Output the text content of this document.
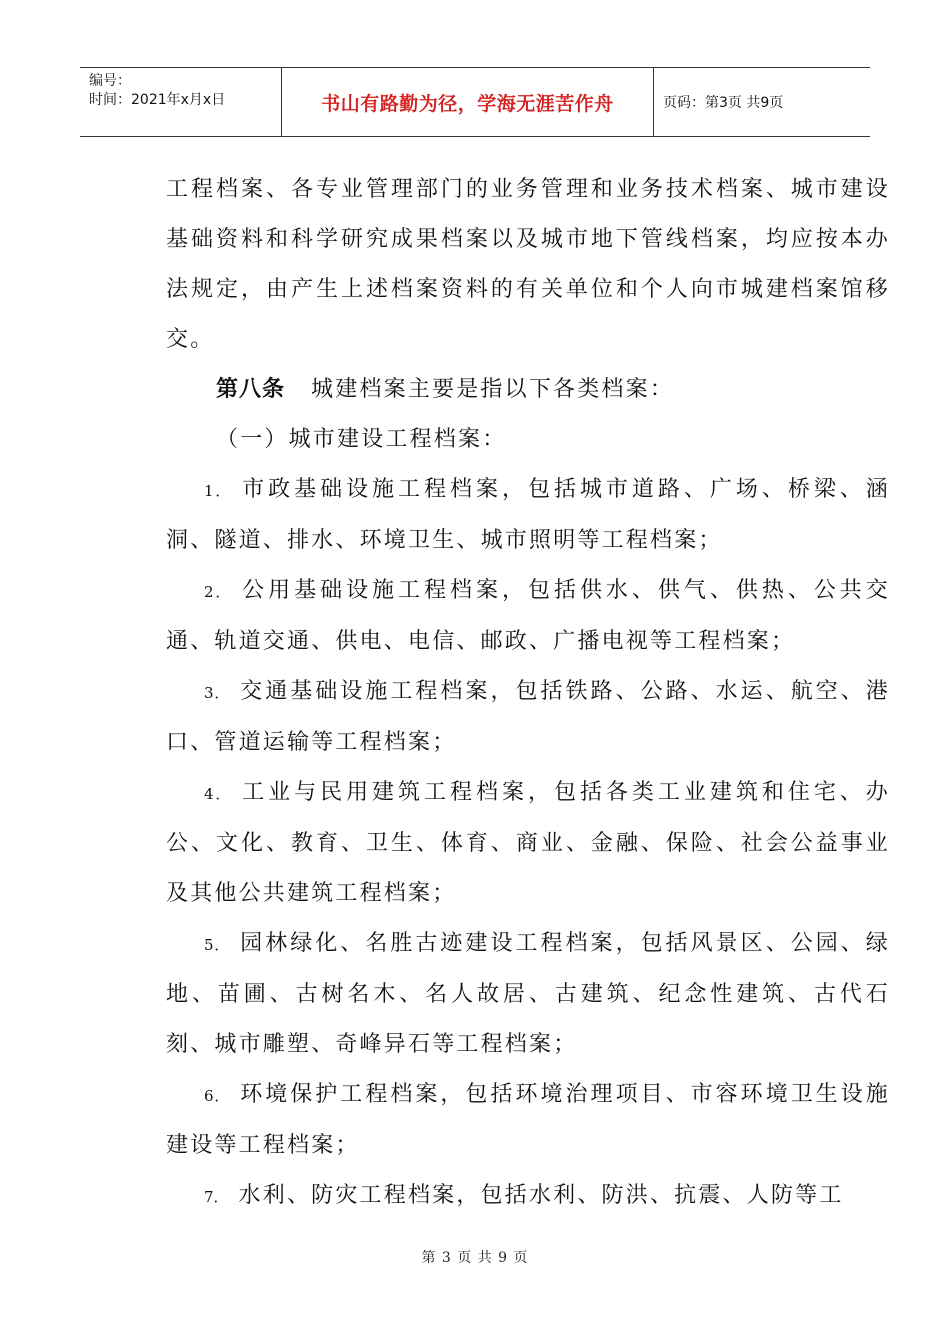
编号：
时间：2021年x月x日	书山有路勤为径，学海无涯苦作舟	页码：第3页 共9页

工程档案、各专业管理部门的业务管理和业务技术档案、城市建设基础资料和科学研究成果档案以及城市地下管线档案，均应按本办法规定，由产生上述档案资料的有关单位和个人向市城建档案馆移交。

第八条 城建档案主要是指以下各类档案：

（一）城市建设工程档案：

1． 市政基础设施工程档案，包括城市道路、广场、桥梁、涵洞、隧道、排水、环境卫生、城市照明等工程档案；

2． 公用基础设施工程档案，包括供水、供气、供热、公共交通、轨道交通、供电、电信、邮政、广播电视等工程档案；

3． 交通基础设施工程档案，包括铁路、公路、水运、航空、港口、管道运输等工程档案；

4． 工业与民用建筑工程档案，包括各类工业建筑和住宅、办公、文化、教育、卫生、体育、商业、金融、保险、社会公益事业及其他公共建筑工程档案；

5． 园林绿化、名胜古迹建设工程档案，包括风景区、公园、绿地、苗圃、古树名木、名人故居、古建筑、纪念性建筑、古代石刻、城市雕塑、奇峰异石等工程档案；

6． 环境保护工程档案，包括环境治理项目、市容环境卫生设施建设等工程档案；

7． 水利、防灾工程档案，包括水利、防洪、抗震、人防等工

第 3 页 共 9 页
